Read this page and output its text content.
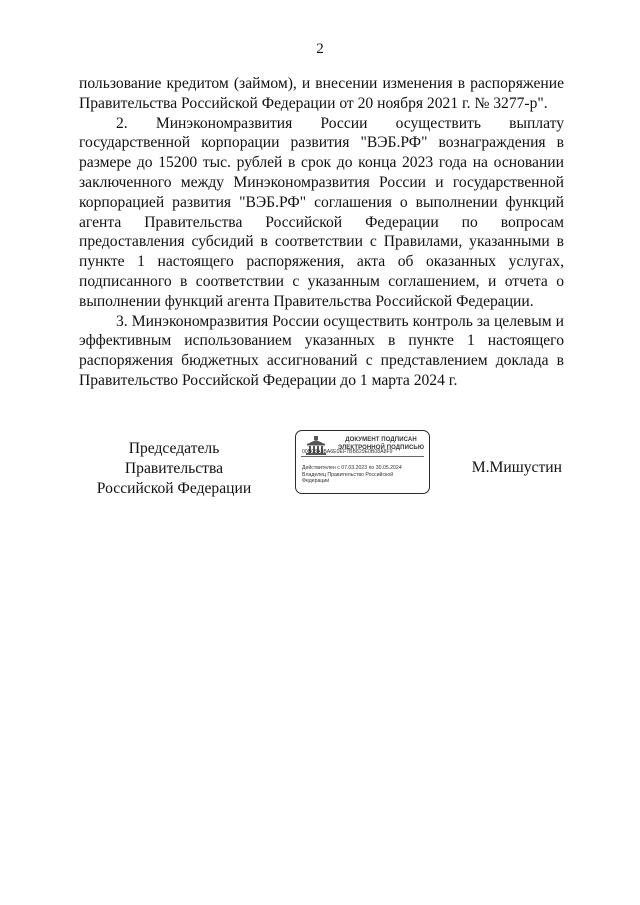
2

пользование кредитом (займом), и внесении изменения в распоряжение Правительства Российской Федерации от 20 ноября 2021 г. № 3277-р".

2. Минэкономразвития России осуществить выплату государственной корпорации развития "ВЭБ.РФ" вознаграждения в размере до 15200 тыс. рублей в срок до конца 2023 года на основании заключенного между Минэкономразвития России и государственной корпорацией развития "ВЭБ.РФ" соглашения о выполнении функций агента Правительства Российской Федерации по вопросам предоставления субсидий в соответствии с Правилами, указанными в пункте 1 настоящего распоряжения, акта об оказанных услугах, подписанного в соответствии с указанным соглашением, и отчета о выполнении функций агента Правительства Российской Федерации.

3. Минэкономразвития России осуществить контроль за целевым и эффективным использованием указанных в пункте 1 настоящего распоряжения бюджетных ассигнований с представлением доклада в Правительство Российской Федерации до 1 марта 2024 г.

Председатель Правительства
Российской Федерации
ДОКУМЕНТ ПОДПИСАН
ЭЛЕКТРОННОЙ ПОДПИСЬЮ
00B08A8BA6E0EF7BB829E0B08A8F9
Действителен с 07.03.2023 по 30.05.2024
Владелец Правительство Российской
Федерации
М.Мишустин
